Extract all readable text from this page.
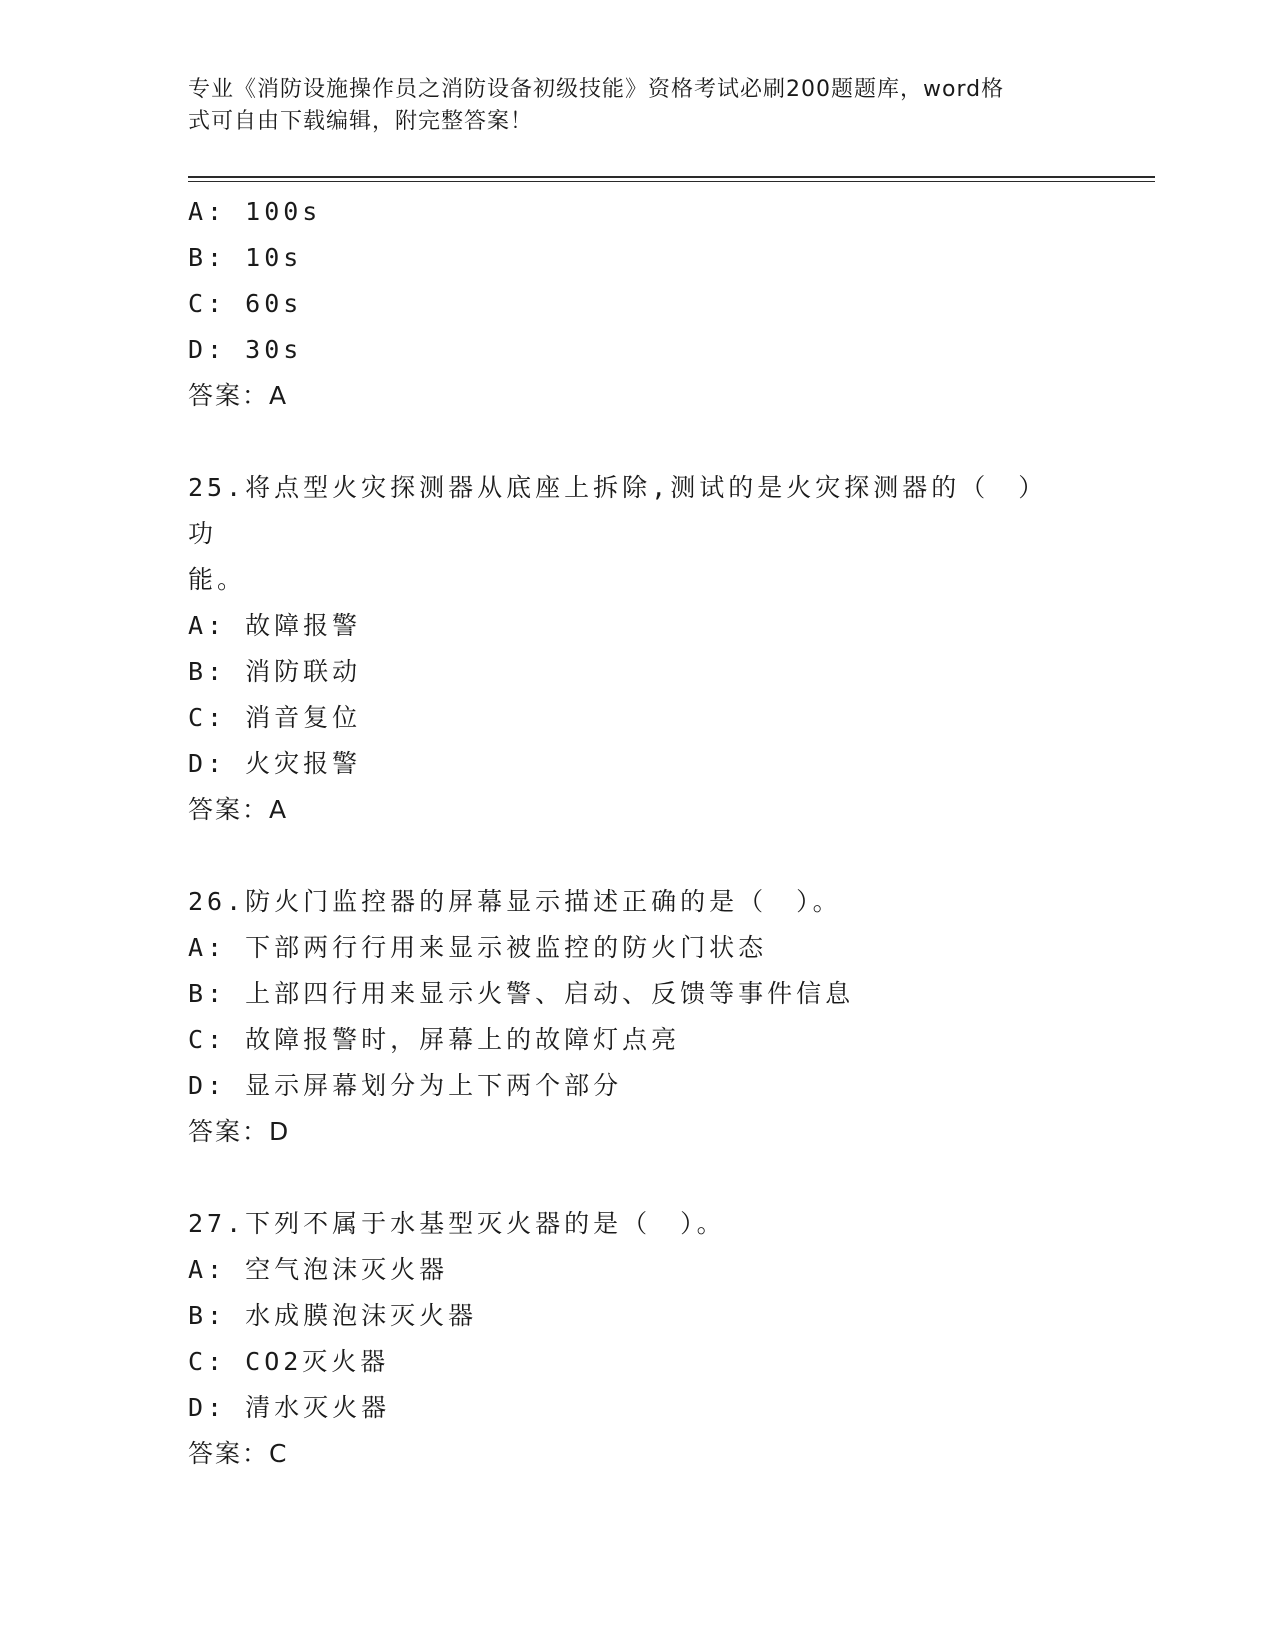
专业《消防设施操作员之消防设备初级技能》资格考试必刷200题题库，word格
式可自由下载编辑，附完整答案！
A: 100s
B: 10s
C: 60s
D: 30s
答案：A
25.将点型火灾探测器从底座上拆除,测试的是火灾探测器的（　）功
能。
A: 故障报警
B: 消防联动
C: 消音复位
D: 火灾报警
答案：A
26.防火门监控器的屏幕显示描述正确的是（　）。
A: 下部两行行用来显示被监控的防火门状态
B: 上部四行用来显示火警、启动、反馈等事件信息
C: 故障报警时，屏幕上的故障灯点亮
D: 显示屏幕划分为上下两个部分
答案：D
27.下列不属于水基型灭火器的是（　）。
A: 空气泡沫灭火器
B: 水成膜泡沫灭火器
C: CO2灭火器
D: 清水灭火器
答案：C
